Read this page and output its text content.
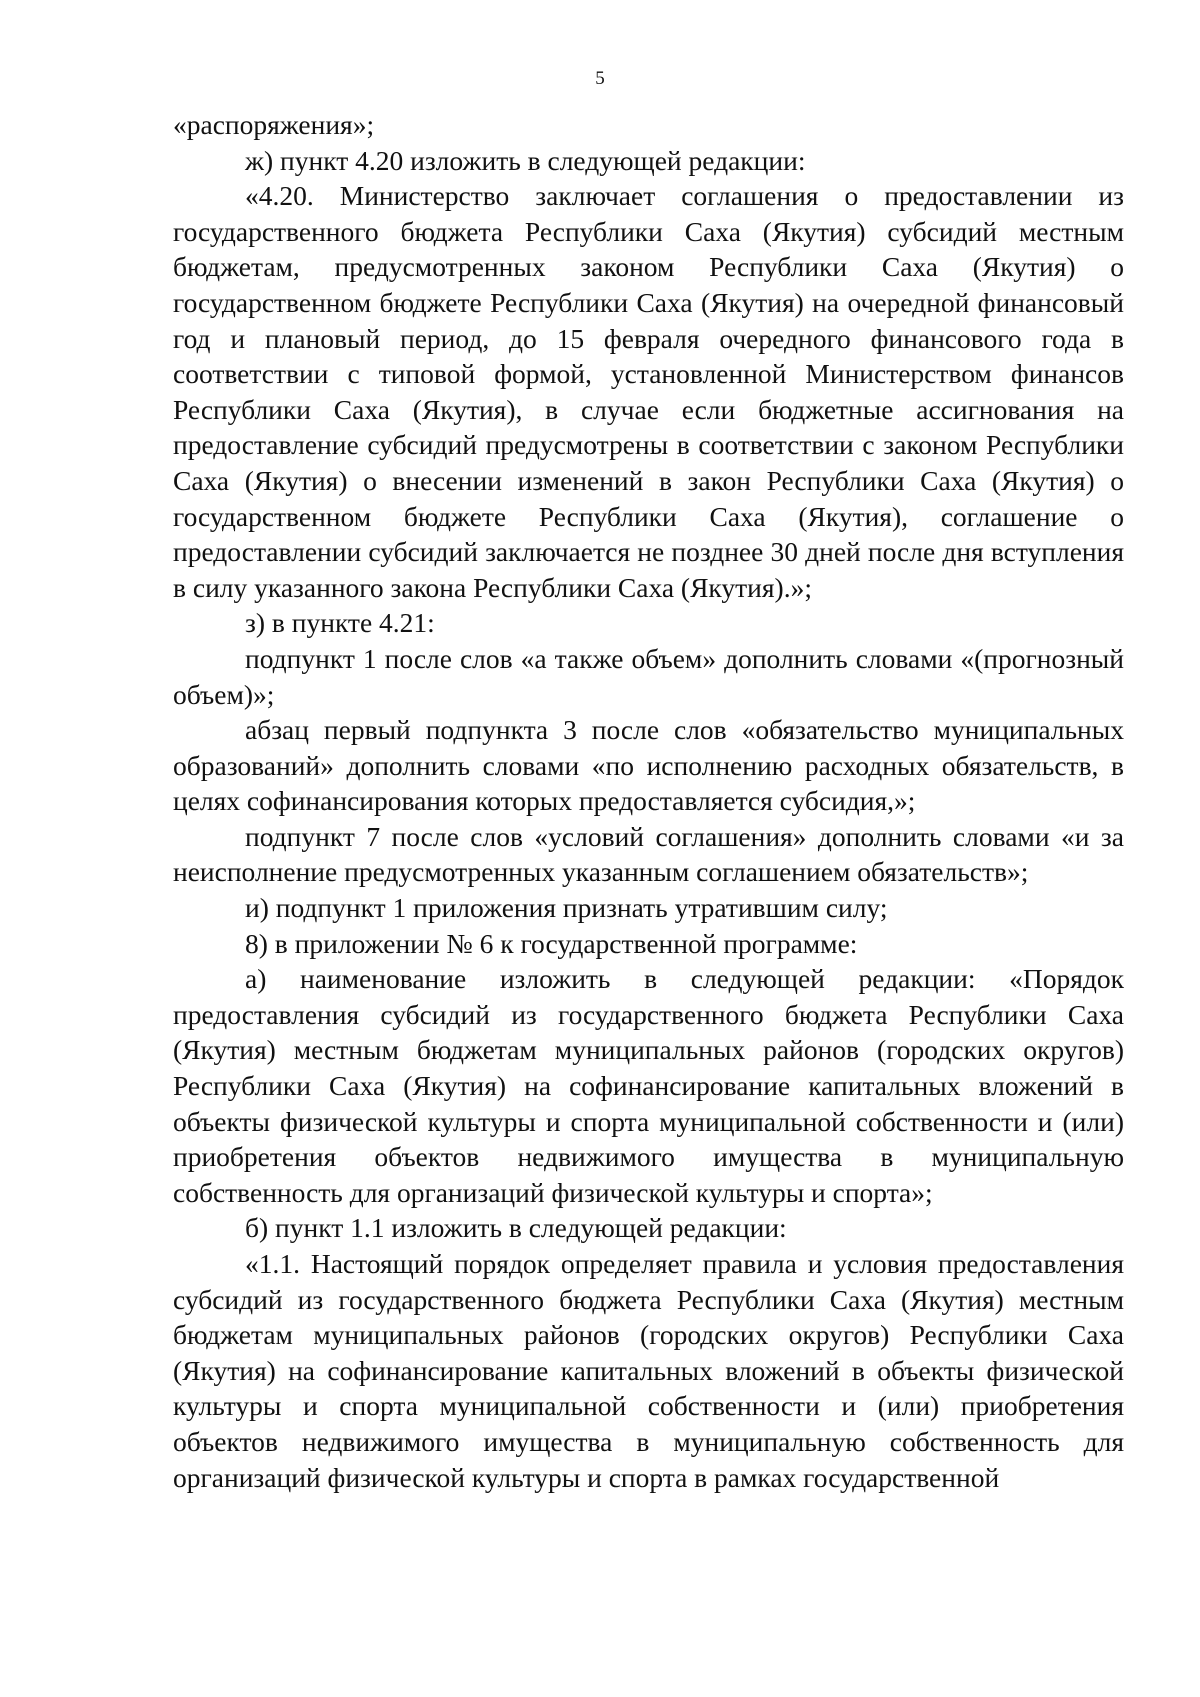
5

«распоряжения»;

ж) пункт 4.20 изложить в следующей редакции:

«4.20. Министерство заключает соглашения о предоставлении из государственного бюджета Республики Саха (Якутия) субсидий местным бюджетам, предусмотренных законом Республики Саха (Якутия) о государственном бюджете Республики Саха (Якутия) на очередной финансовый год и плановый период, до 15 февраля очередного финансового года в соответствии с типовой формой, установленной Министерством финансов Республики Саха (Якутия), в случае если бюджетные ассигнования на предоставление субсидий предусмотрены в соответствии с законом Республики Саха (Якутия) о внесении изменений в закон Республики Саха (Якутия) о государственном бюджете Республики Саха (Якутия), соглашение о предоставлении субсидий заключается не позднее 30 дней после дня вступления в силу указанного закона Республики Саха (Якутия).»;

з) в пункте 4.21:

подпункт 1 после слов «а также объем» дополнить словами «(прогнозный объем)»;

абзац первый подпункта 3 после слов «обязательство муниципальных образований» дополнить словами «по исполнению расходных обязательств, в целях софинансирования которых предоставляется субсидия,»;

подпункт 7 после слов «условий соглашения» дополнить словами «и за неисполнение предусмотренных указанным соглашением обязательств»;

и) подпункт 1 приложения признать утратившим силу;

8) в приложении № 6 к государственной программе:

а) наименование изложить в следующей редакции: «Порядок предоставления субсидий из государственного бюджета Республики Саха (Якутия) местным бюджетам муниципальных районов (городских округов) Республики Саха (Якутия) на софинансирование капитальных вложений в объекты физической культуры и спорта муниципальной собственности и (или) приобретения объектов недвижимого имущества в муниципальную собственность для организаций физической культуры и спорта»;

б) пункт 1.1 изложить в следующей редакции:

«1.1. Настоящий порядок определяет правила и условия предоставления субсидий из государственного бюджета Республики Саха (Якутия) местным бюджетам муниципальных районов (городских округов) Республики Саха (Якутия) на софинансирование капитальных вложений в объекты физической культуры и спорта муниципальной собственности и (или) приобретения объектов недвижимого имущества в муниципальную собственность для организаций физической культуры и спорта в рамках государственной
